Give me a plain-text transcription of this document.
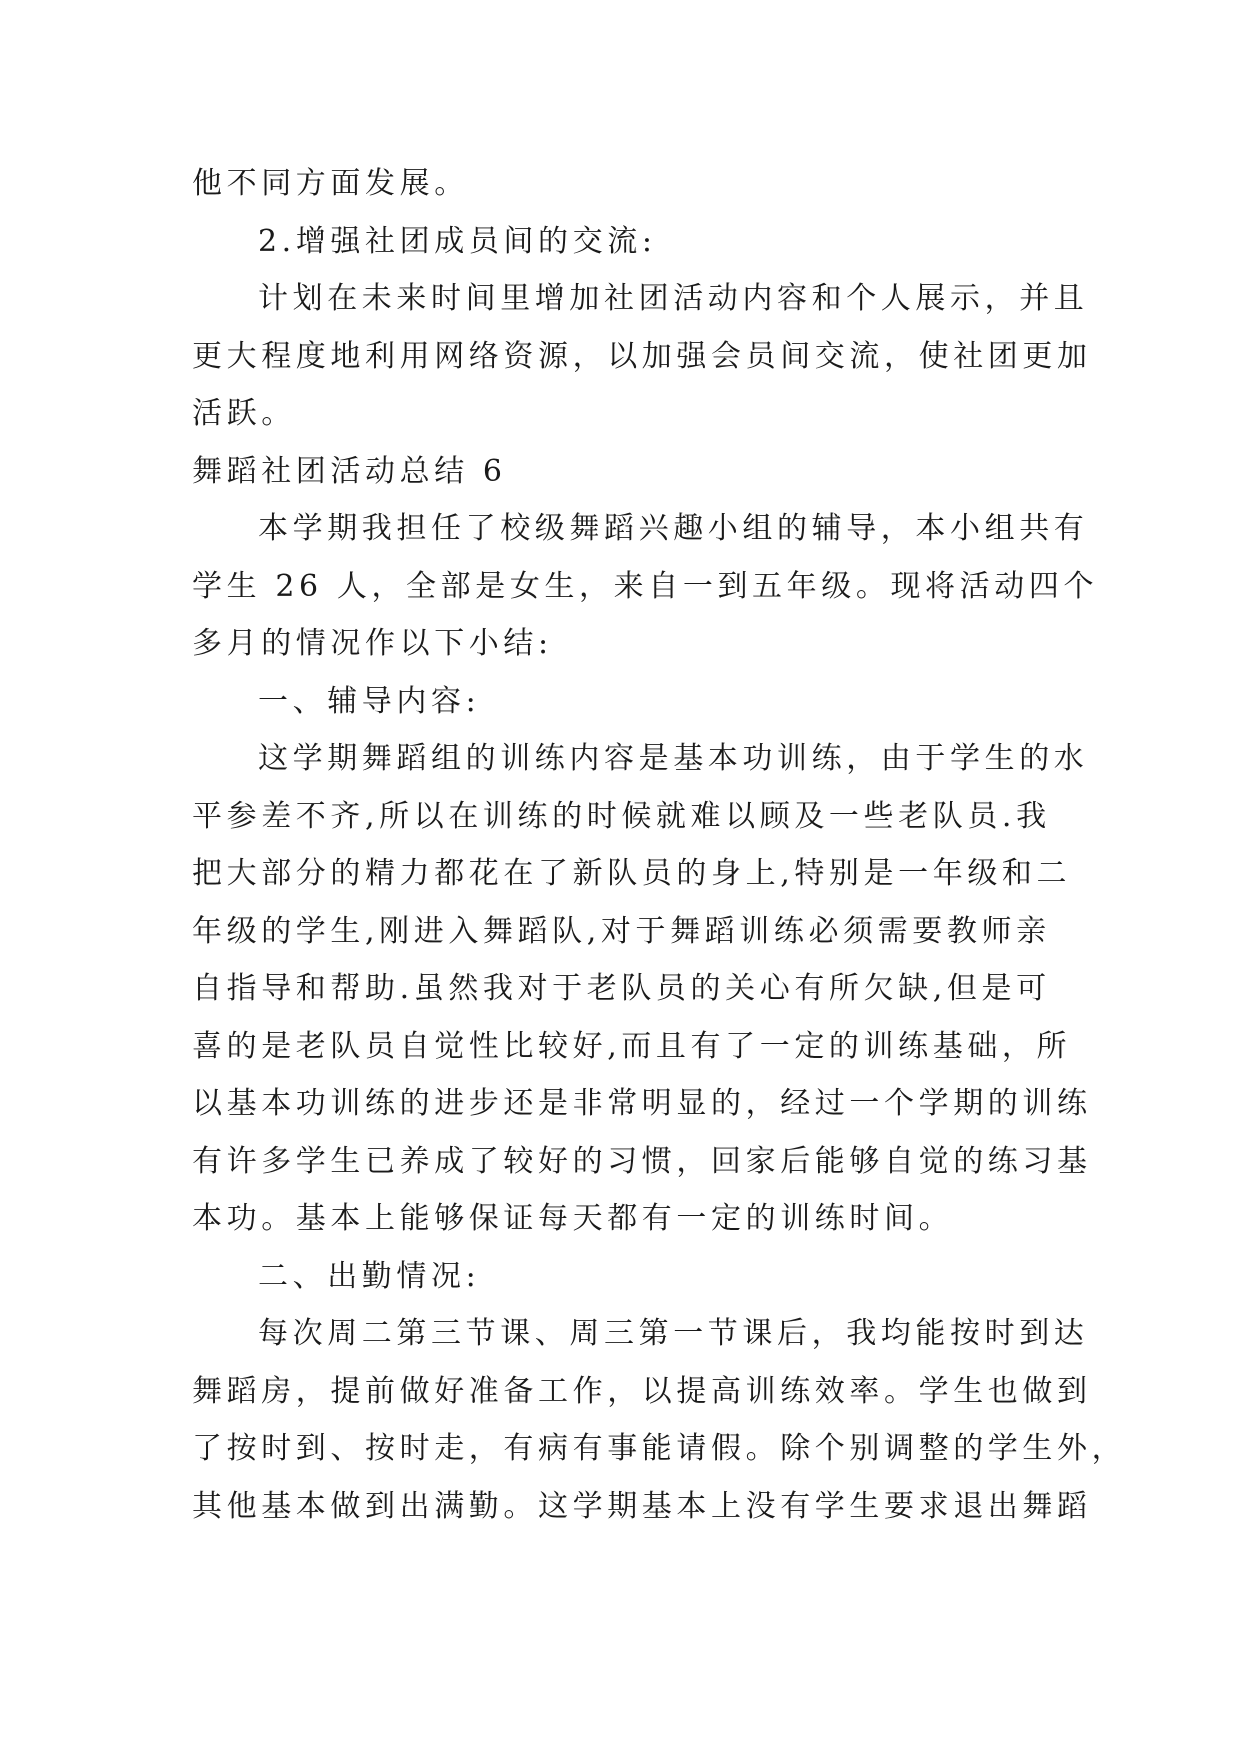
他不同方面发展。
2.增强社团成员间的交流:
计划在未来时间里增加社团活动内容和个人展示，并且
更大程度地利用网络资源，以加强会员间交流，使社团更加
活跃。
舞蹈社团活动总结 6
本学期我担任了校级舞蹈兴趣小组的辅导，本小组共有
学生 26 人，全部是女生，来自一到五年级。现将活动四个
多月的情况作以下小结:
一、辅导内容:
这学期舞蹈组的训练内容是基本功训练，由于学生的水
平参差不齐,所以在训练的时候就难以顾及一些老队员.我
把大部分的精力都花在了新队员的身上,特别是一年级和二
年级的学生,刚进入舞蹈队,对于舞蹈训练必须需要教师亲
自指导和帮助.虽然我对于老队员的关心有所欠缺,但是可
喜的是老队员自觉性比较好,而且有了一定的训练基础，所
以基本功训练的进步还是非常明显的，经过一个学期的训练
有许多学生已养成了较好的习惯，回家后能够自觉的练习基
本功。基本上能够保证每天都有一定的训练时间。
二、出勤情况:
每次周二第三节课、周三第一节课后，我均能按时到达
舞蹈房，提前做好准备工作，以提高训练效率。学生也做到
了按时到、按时走，有病有事能请假。除个别调整的学生外，
其他基本做到出满勤。这学期基本上没有学生要求退出舞蹈
